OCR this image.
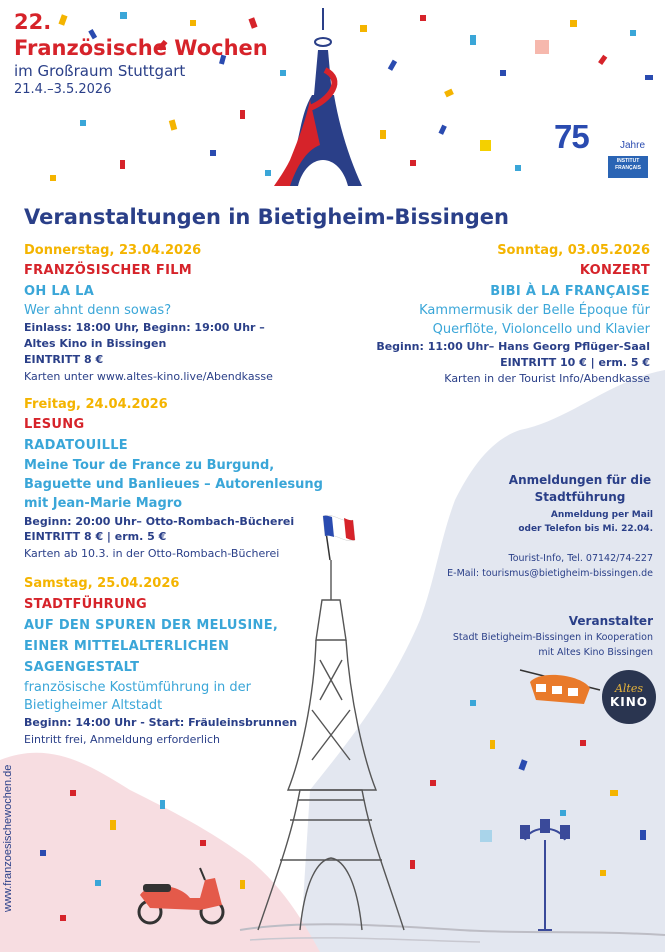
22.
Französische Wochen
im Großraum Stuttgart
21.4.–3.5.2026
75	Jahre
INSTITUT
FRANÇAIS
Veranstaltungen in Bietigheim-Bissingen
Donnerstag, 23.04.2026
FRANZÖSISCHER FILM
OH LA LA
Wer ahnt denn sowas?
Einlass: 18:00 Uhr, Beginn: 19:00 Uhr –
Altes Kino in Bissingen
EINTRITT 8 €
Karten unter www.altes-kino.live/Abendkasse
Freitag, 24.04.2026
LESUNG
RADATOUILLE
Meine Tour de France zu Burgund,
Baguette und Banlieues – Autorenlesung
mit Jean-Marie Magro
Beginn: 20:00 Uhr– Otto-Rombach-Bücherei
EINTRITT 8 € | erm. 5 €
Karten ab 10.3. in der Otto-Rombach-Bücherei
Samstag, 25.04.2026
STADTFÜHRUNG
AUF DEN SPUREN DER MELUSINE,
EINER MITTELALTERLICHEN
SAGENGESTALT
französische Kostümführung in der
Bietigheimer Altstadt
Beginn: 14:00 Uhr - Start: Fräuleinsbrunnen
Eintritt frei, Anmeldung erforderlich
Sonntag, 03.05.2026
KONZERT
BIBI À LA FRANÇAISE
Kammermusik der Belle Époque für
Querflöte, Violoncello und Klavier
Beginn: 11:00 Uhr– Hans Georg Pflüger-Saal
EINTRITT 10 € | erm. 5 €
Karten in der Tourist Info/Abendkasse
Anmeldungen für die
Stadtführung
Anmeldung per Mail
oder Telefon bis Mi. 22.04.
Tourist-Info, Tel. 07142/74-227
E-Mail: tourismus@bietigheim-bissingen.de
Veranstalter
Stadt Bietigheim-Bissingen in Kooperation
mit Altes Kino Bissingen
Altes
KINO
www.franzoesischewochen.de
